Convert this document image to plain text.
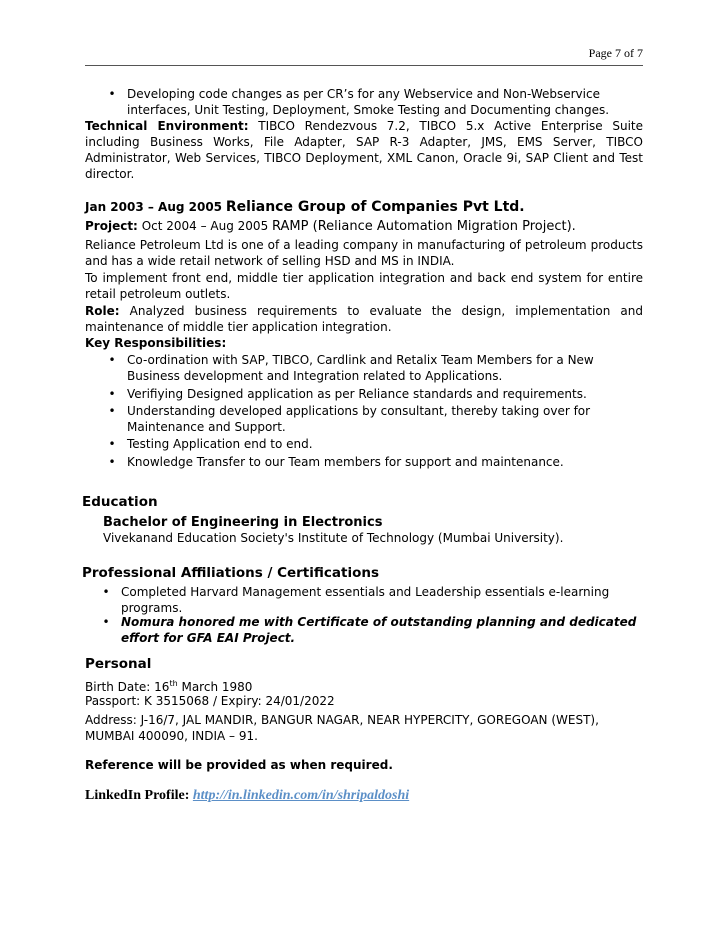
Page 7 of 7
• Developing code changes as per CR’s for any Webservice and Non-Webservice interfaces, Unit Testing, Deployment, Smoke Testing and Documenting changes.
Technical Environment: TIBCO Rendezvous 7.2, TIBCO 5.x Active Enterprise Suite including Business Works, File Adapter, SAP R-3 Adapter, JMS, EMS Server, TIBCO Administrator, Web Services, TIBCO Deployment, XML Canon, Oracle 9i, SAP Client and Test director.
Jan 2003 – Aug 2005 Reliance Group of Companies Pvt Ltd.
Project: Oct 2004 – Aug 2005 RAMP (Reliance Automation Migration Project).
Reliance Petroleum Ltd is one of a leading company in manufacturing of petroleum products and has a wide retail network of selling HSD and MS in INDIA.
To implement front end, middle tier application integration and back end system for entire retail petroleum outlets.
Role: Analyzed business requirements to evaluate the design, implementation and maintenance of middle tier application integration.
Key Responsibilities:
• Co-ordination with SAP, TIBCO, Cardlink and Retalix Team Members for a New Business development and Integration related to Applications.
• Verifiying Designed application as per Reliance standards and requirements.
• Understanding developed applications by consultant, thereby taking over for Maintenance and Support.
• Testing Application end to end.
• Knowledge Transfer to our Team members for support and maintenance.
Education
Bachelor of Engineering in Electronics
Vivekanand Education Society's Institute of Technology (Mumbai University).
Professional Affiliations / Certifications
• Completed Harvard Management essentials and Leadership essentials e-learning programs.
• Nomura honored me with Certificate of outstanding planning and dedicated effort for GFA EAI Project.
Personal
Birth Date: 16th March 1980
Passport: K 3515068 / Expiry: 24/01/2022
Address: J-16/7, JAL MANDIR, BANGUR NAGAR, NEAR HYPERCITY, GOREGOAN (WEST), MUMBAI 400090, INDIA – 91.
Reference will be provided as when required.
LinkedIn Profile: http://in.linkedin.com/in/shripaldoshi
